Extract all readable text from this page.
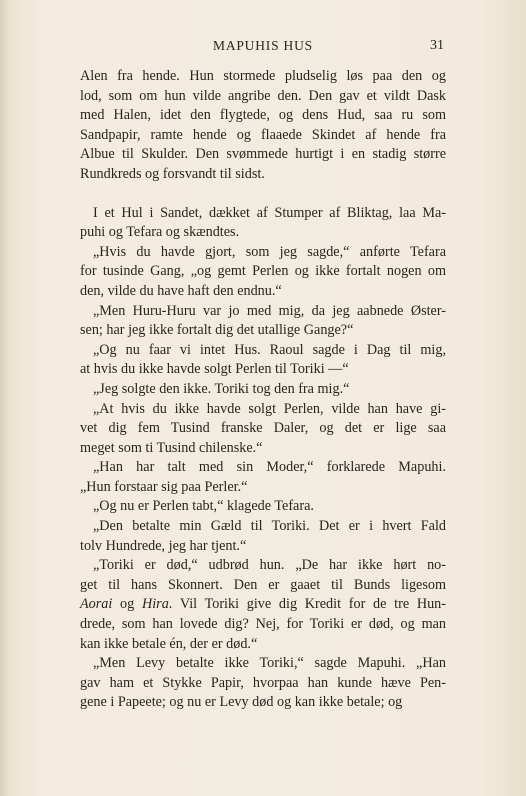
MAPUHIS HUS	31
Alen fra hende. Hun stormede pludselig løs paa den og
lod, som om hun vilde angribe den. Den gav et vildt Dask
med Halen, idet den flygtede, og dens Hud, saa ru som
Sandpapir, ramte hende og flaaede Skindet af hende fra
Albue til Skulder. Den svømmede hurtigt i en stadig større
Rundkreds og forsvandt til sidst.
I et Hul i Sandet, dækket af Stumper af Bliktag, laa Ma-
puhi og Tefara og skændtes.
„Hvis du havde gjort, som jeg sagde,“ anførte Tefara
for tusinde Gang, „og gemt Perlen og ikke fortalt nogen om
den, vilde du have haft den endnu.“
„Men Huru-Huru var jo med mig, da jeg aabnede Øster-
sen; har jeg ikke fortalt dig det utallige Gange?“
„Og nu faar vi intet Hus. Raoul sagde i Dag til mig,
at hvis du ikke havde solgt Perlen til Toriki —“
„Jeg solgte den ikke. Toriki tog den fra mig.“
„At hvis du ikke havde solgt Perlen, vilde han have gi-
vet dig fem Tusind franske Daler, og det er lige saa
meget som ti Tusind chilenske.“
„Han har talt med sin Moder,“ forklarede Mapuhi.
„Hun forstaar sig paa Perler.“
„Og nu er Perlen tabt,“ klagede Tefara.
„Den betalte min Gæld til Toriki. Det er i hvert Fald
tolv Hundrede, jeg har tjent.“
„Toriki er død,“ udbrød hun. „De har ikke hørt no-
get til hans Skonnert. Den er gaaet til Bunds ligesom
Aorai og Hira. Vil Toriki give dig Kredit for de tre Hun-
drede, som han lovede dig? Nej, for Toriki er død, og man
kan ikke betale én, der er død.“
„Men Levy betalte ikke Toriki,“ sagde Mapuhi. „Han
gav ham et Stykke Papir, hvorpaa han kunde hæve Pen-
gene i Papeete; og nu er Levy død og kan ikke betale; og
